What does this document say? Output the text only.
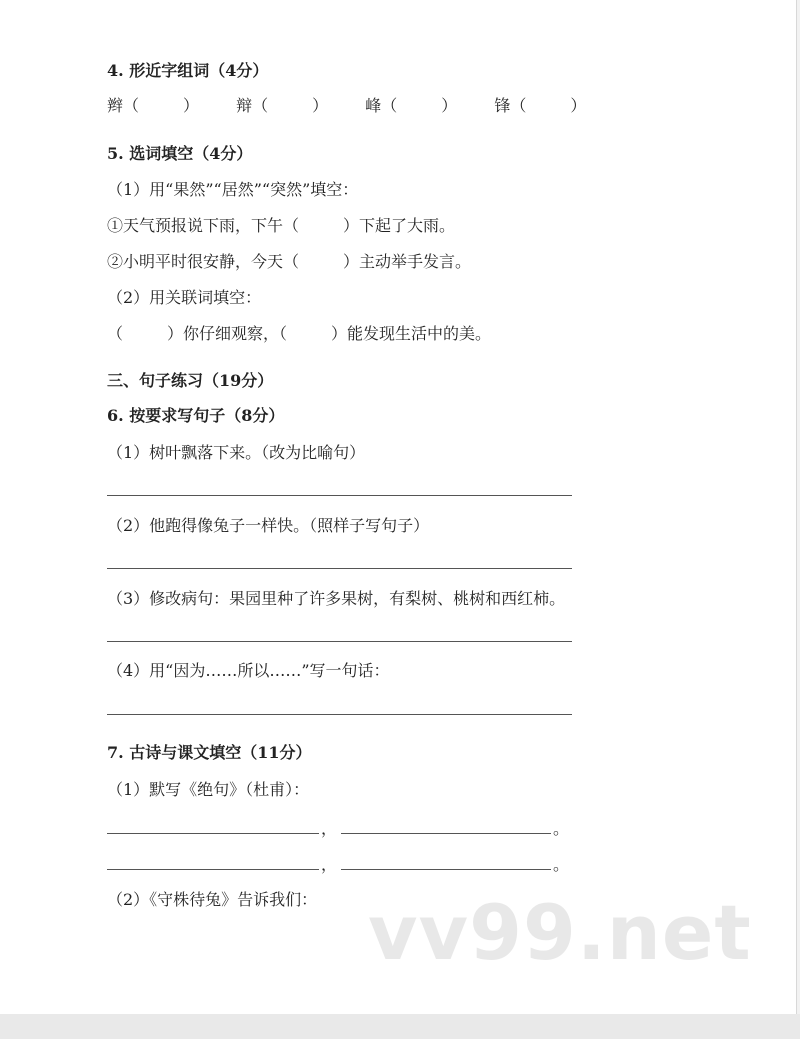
4. 形近字组词（4分）
辫（	） 辩（	） 峰（	） 锋（	）
5. 选词填空（4分）
（1）用“果然”“居然”“突然”填空：
①天气预报说下雨，下午（	）下起了大雨。
②小明平时很安静，今天（	）主动举手发言。
（2）用关联词填空：
（	）你仔细观察，（	）能发现生活中的美。
三、句子练习（19分）
6. 按要求写句子（8分）
（1）树叶飘落下来。（改为比喻句）
（2）他跑得像兔子一样快。（照样子写句子）
（3）修改病句：果园里种了许多果树，有梨树、桃树和西红柿。
（4）用“因为……所以……”写一句话：
7. 古诗与课文填空（11分）
（1）默写《绝句》（杜甫）：
，	。
，	。
（2）《守株待兔》告诉我们： vv99.net
